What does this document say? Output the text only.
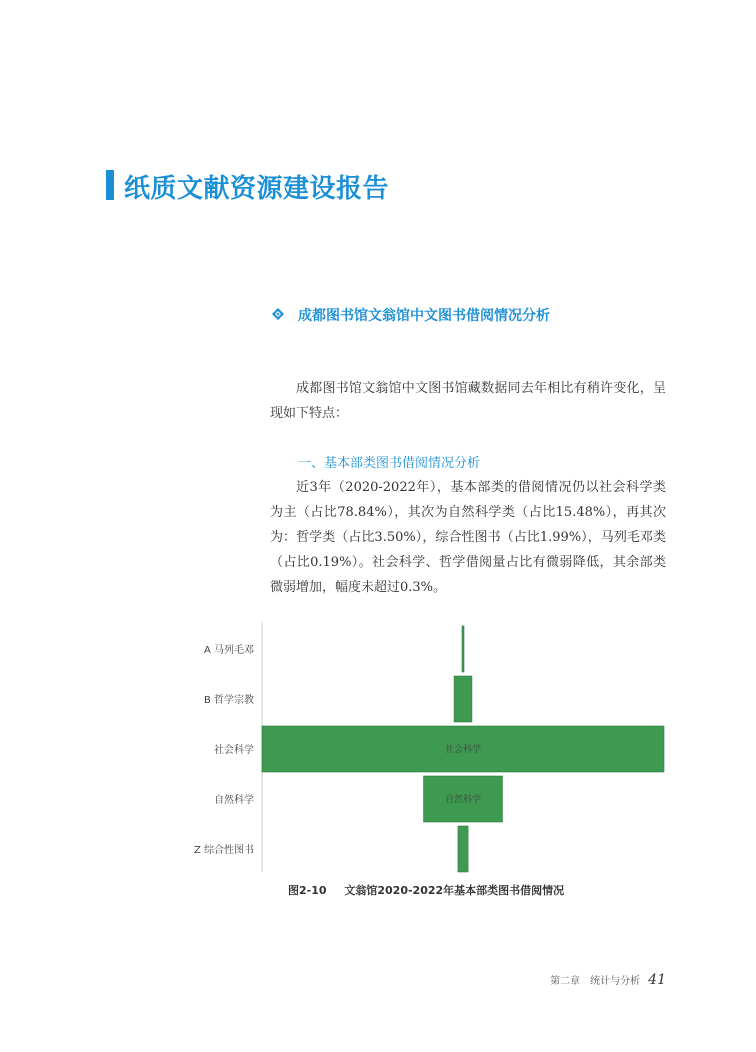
纸质文献资源建设报告
成都图书馆文翁馆中文图书借阅情况分析

成都图书馆文翁馆中文图书馆藏数据同去年相比有稍许变化，呈现如下特点：

一、基本部类图书借阅情况分析

近3年（2020-2022年），基本部类的借阅情况仍以社会科学类为主（占比78.84%），其次为自然科学类（占比15.48%），再其次为：哲学类（占比3.50%），综合性图书（占比1.99%），马列毛邓类（占比0.19%）。社会科学、哲学借阅量占比有微弱降低，其余部类微弱增加，幅度未超过0.3%。

A 马列毛邓
B 哲学宗教
社会科学	社会科学
自然科学	自然科学
Z 综合性图书
图2-10 文翁馆2020-2022年基本部类图书借阅情况
第二章　统计与分析 41
